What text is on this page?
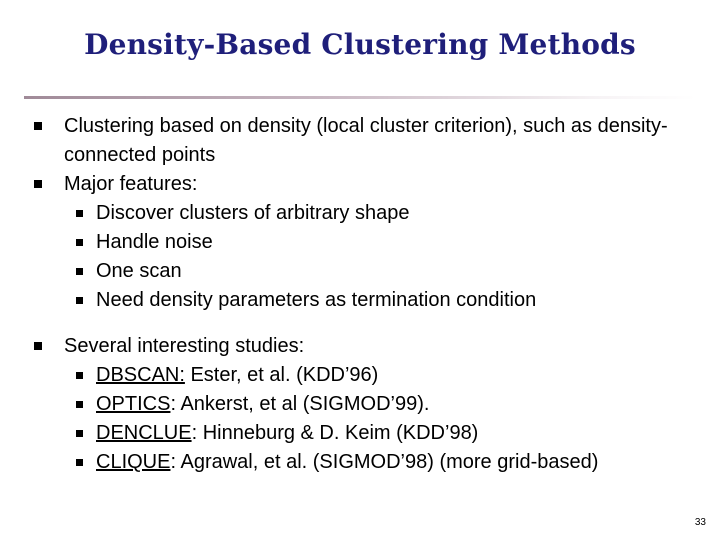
Density-Based Clustering Methods
Clustering based on density (local cluster criterion), such as density-connected points
Major features:
Discover clusters of arbitrary shape
Handle noise
One scan
Need density parameters as termination condition
Several interesting studies:
DBSCAN: Ester, et al. (KDD’96)
OPTICS: Ankerst, et al (SIGMOD’99).
DENCLUE: Hinneburg & D. Keim (KDD’98)
CLIQUE: Agrawal, et al. (SIGMOD’98) (more grid-based)
33
